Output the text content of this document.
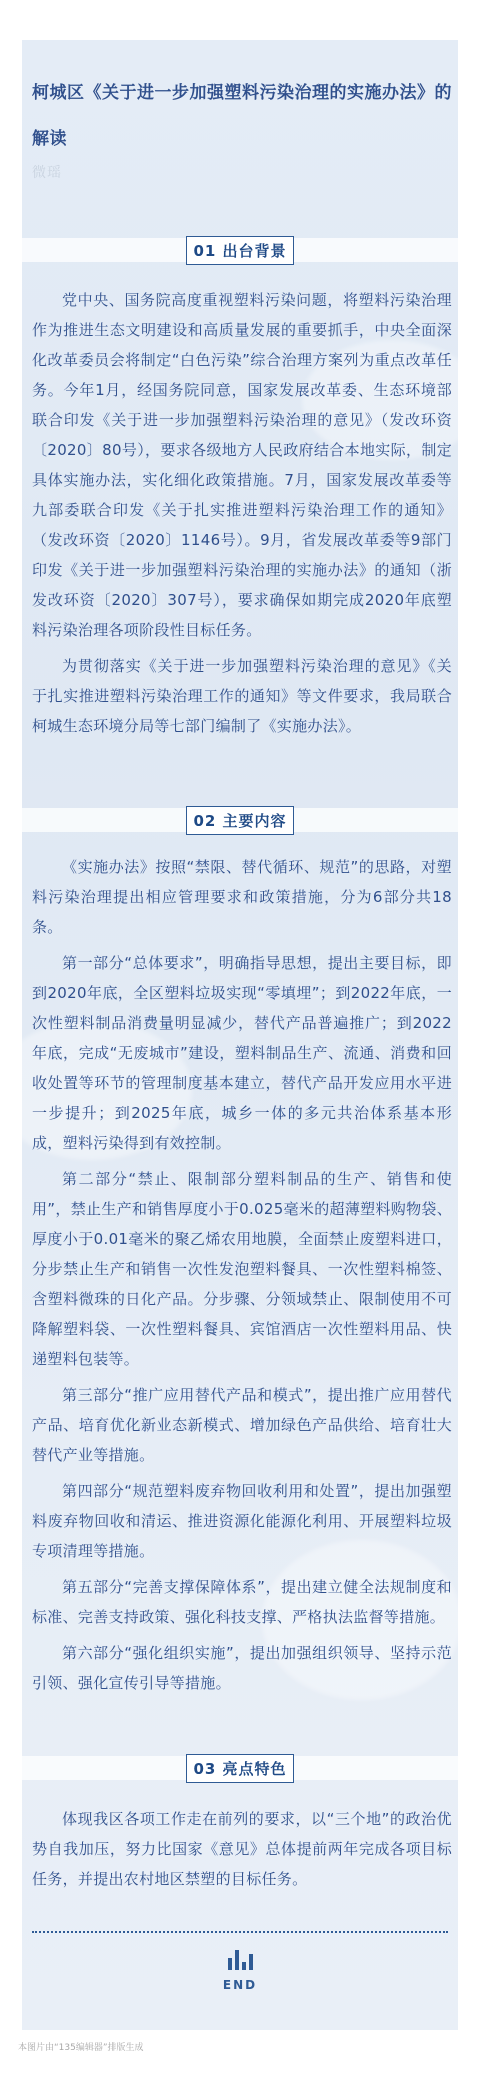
柯城区《关于进一步加强塑料污染治理的实施办法》的解读
微瑶
01 出台背景

党中央、国务院高度重视塑料污染问题，将塑料污染治理作为推进生态文明建设和高质量发展的重要抓手，中央全面深化改革委员会将制定“白色污染”综合治理方案列为重点改革任务。今年1月，经国务院同意，国家发展改革委、生态环境部联合印发《关于进一步加强塑料污染治理的意见》（发改环资〔2020〕80号），要求各级地方人民政府结合本地实际，制定具体实施办法，实化细化政策措施。7月，国家发展改革委等九部委联合印发《关于扎实推进塑料污染治理工作的通知》（发改环资〔2020〕1146号）。9月，省发展改革委等9部门印发《关于进一步加强塑料污染治理的实施办法》的通知（浙发改环资〔2020〕307号），要求确保如期完成2020年底塑料污染治理各项阶段性目标任务。

为贯彻落实《关于进一步加强塑料污染治理的意见》《关于扎实推进塑料污染治理工作的通知》等文件要求，我局联合柯城生态环境分局等七部门编制了《实施办法》。

02 主要内容

《实施办法》按照“禁限、替代循环、规范”的思路，对塑料污染治理提出相应管理要求和政策措施，分为6部分共18条。

第一部分“总体要求”，明确指导思想，提出主要目标，即到2020年底，全区塑料垃圾实现“零填埋”；到2022年底，一次性塑料制品消费量明显减少，替代产品普遍推广；到2022年底，完成“无废城市”建设，塑料制品生产、流通、消费和回收处置等环节的管理制度基本建立，替代产品开发应用水平进一步提升；到2025年底，城乡一体的多元共治体系基本形成，塑料污染得到有效控制。

第二部分“禁止、限制部分塑料制品的生产、销售和使用”，禁止生产和销售厚度小于0.025毫米的超薄塑料购物袋、厚度小于0.01毫米的聚乙烯农用地膜，全面禁止废塑料进口，分步禁止生产和销售一次性发泡塑料餐具、一次性塑料棉签、含塑料微珠的日化产品。分步骤、分领域禁止、限制使用不可降解塑料袋、一次性塑料餐具、宾馆酒店一次性塑料用品、快递塑料包装等。

第三部分“推广应用替代产品和模式”，提出推广应用替代产品、培育优化新业态新模式、增加绿色产品供给、培育壮大替代产业等措施。

第四部分“规范塑料废弃物回收利用和处置”，提出加强塑料废弃物回收和清运、推进资源化能源化利用、开展塑料垃圾专项清理等措施。

第五部分“完善支撑保障体系”，提出建立健全法规制度和标准、完善支持政策、强化科技支撑、严格执法监督等措施。

第六部分“强化组织实施”，提出加强组织领导、坚持示范引领、强化宣传引导等措施。

03 亮点特色

体现我区各项工作走在前列的要求，以“三个地”的政治优势自我加压，努力比国家《意见》总体提前两年完成各项目标任务，并提出农村地区禁塑的目标任务。

END
本图片由“135编辑器”排版生成
